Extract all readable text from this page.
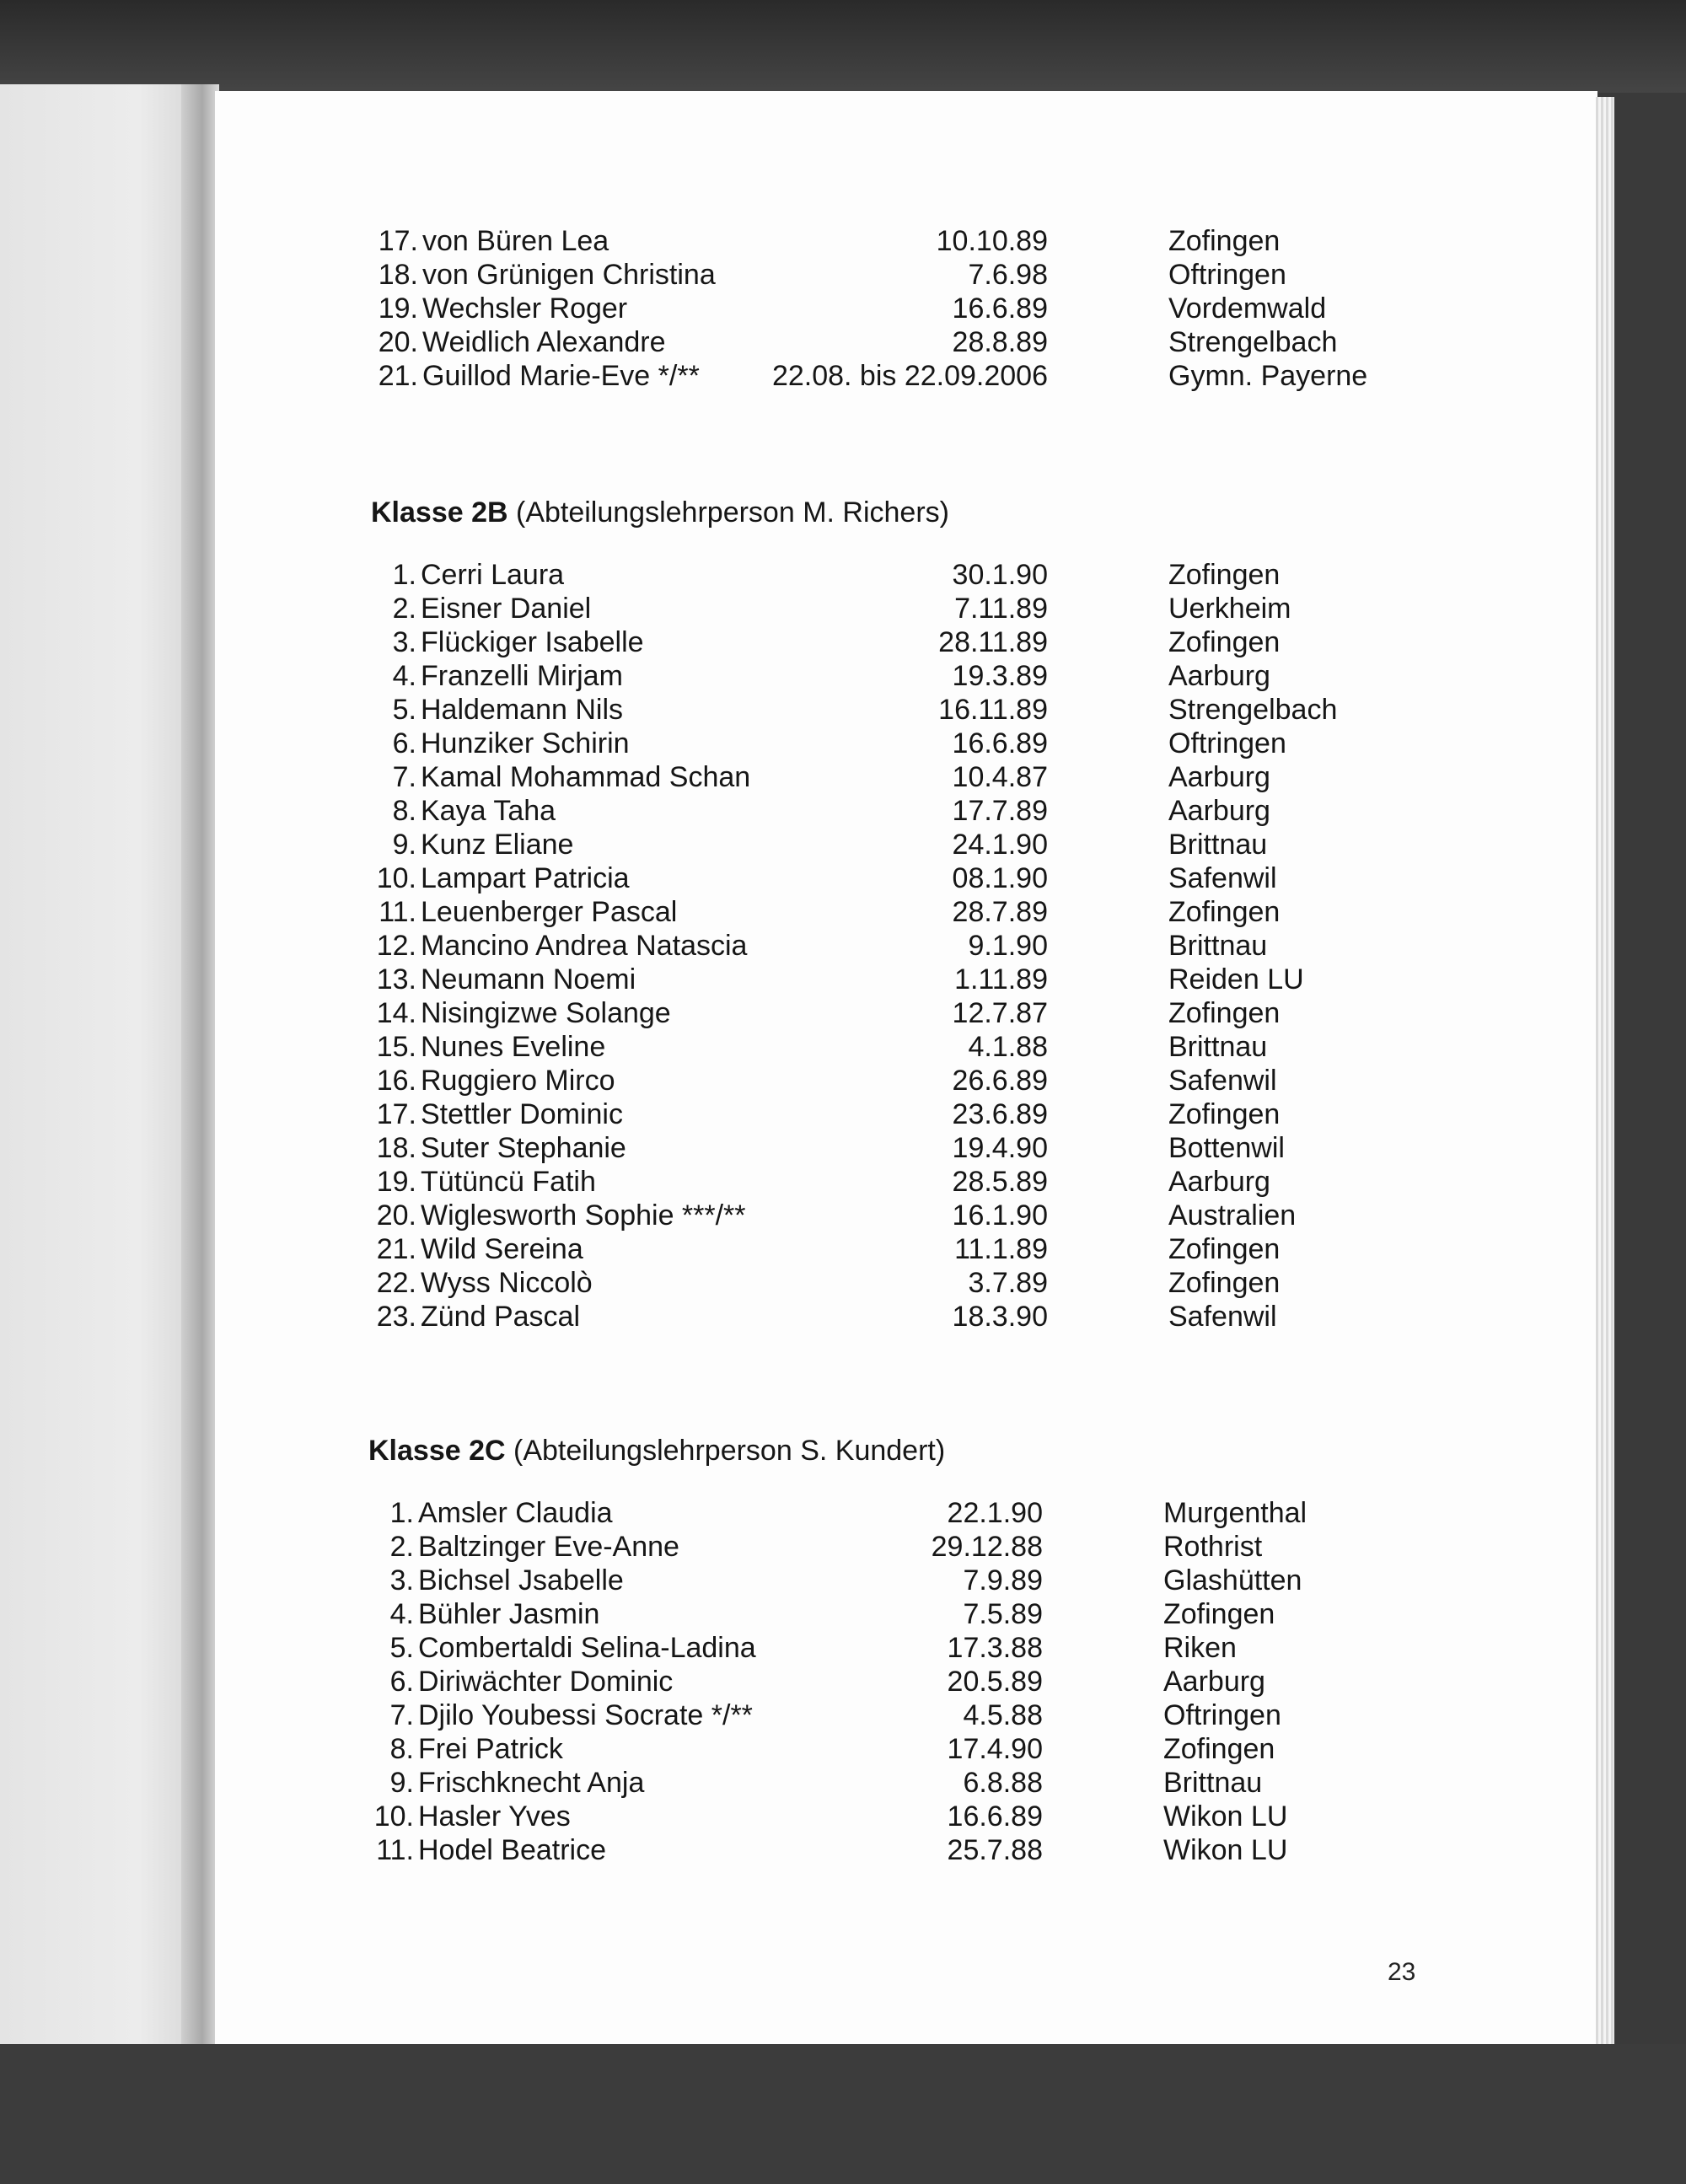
17. von Büren Lea	10.10.89	Zofingen
18. von Grünigen Christina	7.6.98	Oftringen
19. Wechsler Roger	16.6.89	Vordemwald
20. Weidlich Alexandre	28.8.89	Strengelbach
21. Guillod Marie-Eve */**	22.08. bis 22.09.2006	Gymn. Payerne
Klasse 2B (Abteilungslehrperson M. Richers)
1. Cerri Laura	30.1.90	Zofingen
2. Eisner Daniel	7.11.89	Uerkheim
3. Flückiger Isabelle	28.11.89	Zofingen
4. Franzelli Mirjam	19.3.89	Aarburg
5. Haldemann Nils	16.11.89	Strengelbach
6. Hunziker Schirin	16.6.89	Oftringen
7. Kamal Mohammad Schan	10.4.87	Aarburg
8. Kaya Taha	17.7.89	Aarburg
9. Kunz Eliane	24.1.90	Brittnau
10. Lampart Patricia	08.1.90	Safenwil
11. Leuenberger Pascal	28.7.89	Zofingen
12. Mancino Andrea Natascia	9.1.90	Brittnau
13. Neumann Noemi	1.11.89	Reiden LU
14. Nisingizwe Solange	12.7.87	Zofingen
15. Nunes Eveline	4.1.88	Brittnau
16. Ruggiero Mirco	26.6.89	Safenwil
17. Stettler Dominic	23.6.89	Zofingen
18. Suter Stephanie	19.4.90	Bottenwil
19. Tütüncü Fatih	28.5.89	Aarburg
20. Wiglesworth Sophie ***/**	16.1.90	Australien
21. Wild Sereina	11.1.89	Zofingen
22. Wyss Niccolò	3.7.89	Zofingen
23. Zünd Pascal	18.3.90	Safenwil
Klasse 2C (Abteilungslehrperson S. Kundert)
1. Amsler Claudia	22.1.90	Murgenthal
2. Baltzinger Eve-Anne	29.12.88	Rothrist
3. Bichsel Jsabelle	7.9.89	Glashütten
4. Bühler Jasmin	7.5.89	Zofingen
5. Combertaldi Selina-Ladina	17.3.88	Riken
6. Diriwächter Dominic	20.5.89	Aarburg
7. Djilo Youbessi Socrate */**	4.5.88	Oftringen
8. Frei Patrick	17.4.90	Zofingen
9. Frischknecht Anja	6.8.88	Brittnau
10. Hasler Yves	16.6.89	Wikon LU
11. Hodel Beatrice	25.7.88	Wikon LU
23
